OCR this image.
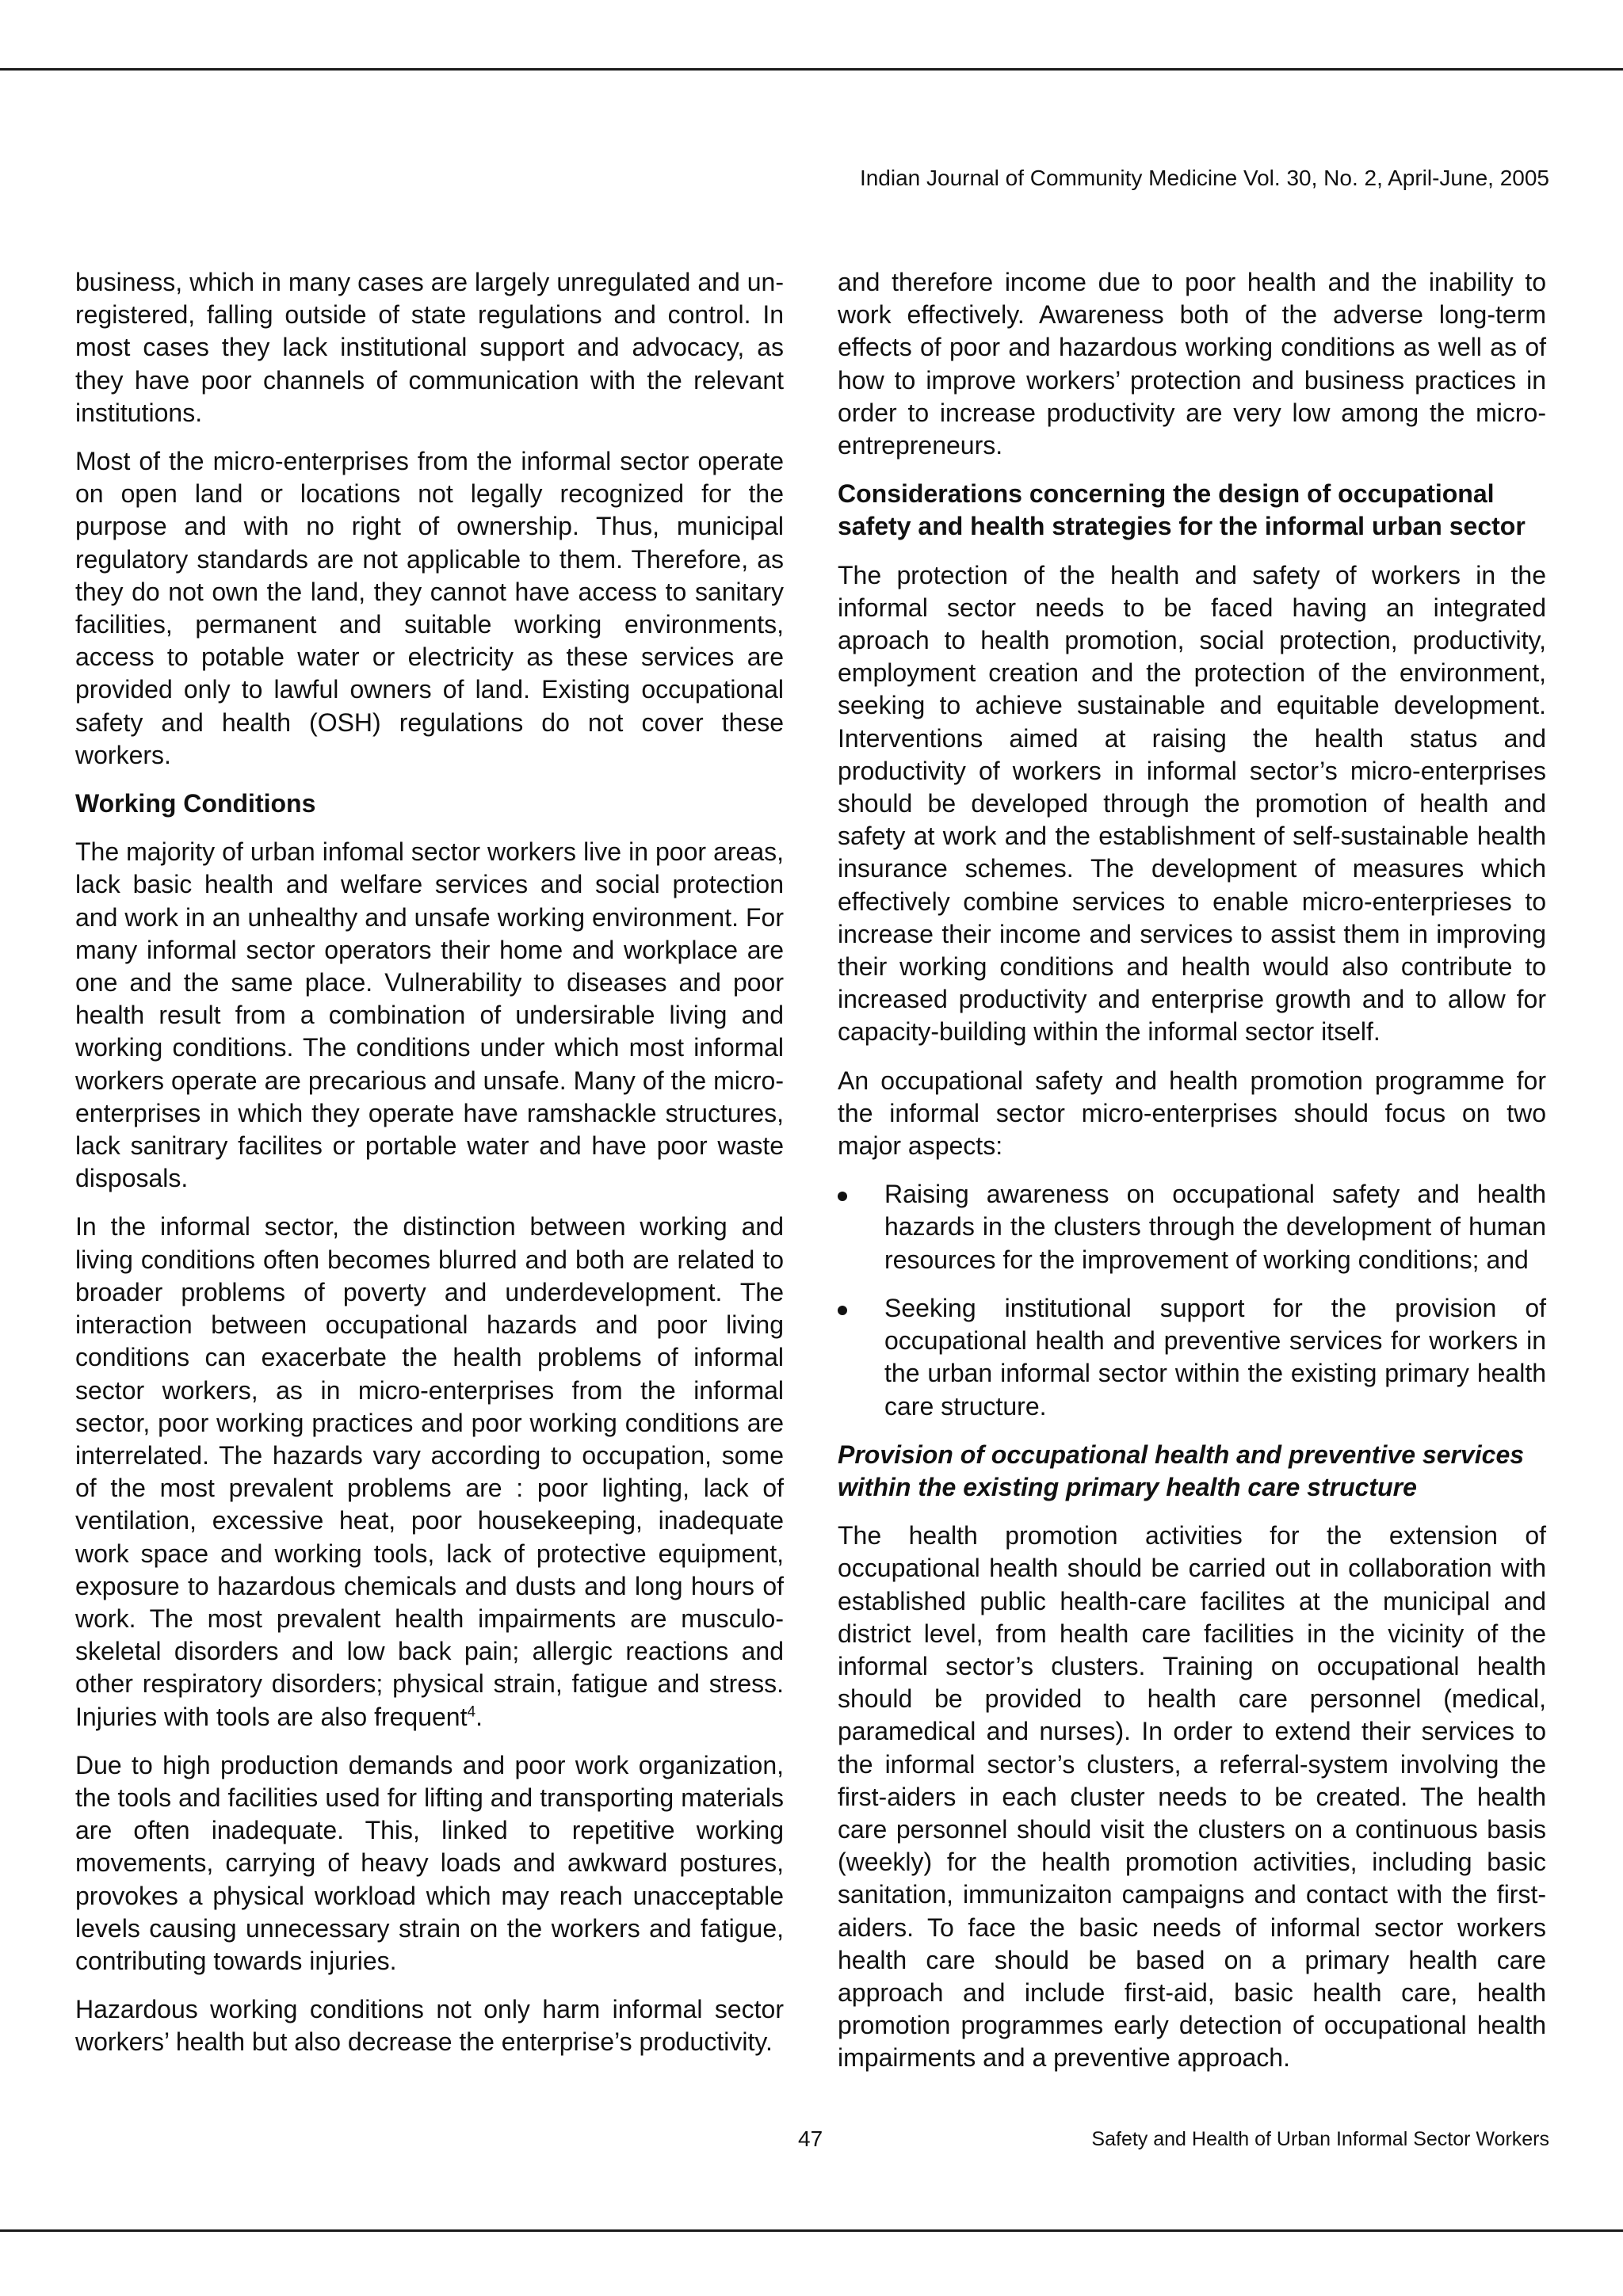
Indian Journal of Community Medicine Vol. 30, No. 2, April-June, 2005

business, which in many cases are largely unregulated and un-registered, falling outside of state regulations and control. In most cases they lack institutional support and advocacy, as they have poor channels of communication with the relevant institutions.

Most of the micro-enterprises from the informal sector operate on open land or locations not legally recognized for the purpose and with no right of ownership. Thus, municipal regulatory standards are not applicable to them. Therefore, as they do not own the land, they cannot have access to sanitary facilities, permanent and suitable working environments, access to potable water or electricity as these services are provided only to lawful owners of land. Existing occupational safety and health (OSH) regulations do not cover these workers.

Working Conditions

The majority of urban infomal sector workers live in poor areas, lack basic health and welfare services and social protection and work in an unhealthy and unsafe working environment. For many informal sector operators their home and workplace are one and the same place. Vulnerability to diseases and poor health result from a combination of undersirable living and working conditions. The conditions under which most informal workers operate are precarious and unsafe. Many of the micro-enterprises in which they operate have ramshackle structures, lack sanitrary facilites or portable water and have poor waste disposals.

In the informal sector, the distinction between working and living conditions often becomes blurred and both are related to broader problems of poverty and underdevelopment. The interaction between occupational hazards and poor living conditions can exacerbate the health problems of informal sector workers, as in micro-enterprises from the informal sector, poor working practices and poor working conditions are interrelated. The hazards vary according to occupation, some of the most prevalent problems are : poor lighting, lack of ventilation, excessive heat, poor housekeeping, inadequate work space and working tools, lack of protective equipment, exposure to hazardous chemicals and dusts and long hours of work. The most prevalent health impairments are musculo-skeletal disorders and low back pain; allergic reactions and other respiratory disorders; physical strain, fatigue and stress. Injuries with tools are also frequent$^4$.

Due to high production demands and poor work organization, the tools and facilities used for lifting and transporting materials are often inadequate. This, linked to repetitive working movements, carrying of heavy loads and awkward postures, provokes a physical workload which may reach unacceptable levels causing unnecessary strain on the workers and fatigue, contributing towards injuries.

Hazardous working conditions not only harm informal sector workers’ health but also decrease the enterprise’s productivity.

and therefore income due to poor health and the inability to work effectively. Awareness both of the adverse long-term effects of poor and hazardous working conditions as well as of how to improve workers’ protection and business practices in order to increase productivity are very low among the micro-entrepreneurs.

Considerations concerning the design of occupational safety and health strategies for the informal urban sector

The protection of the health and safety of workers in the informal sector needs to be faced having an integrated aproach to health promotion, social protection, productivity, employment creation and the protection of the environment, seeking to achieve sustainable and equitable development. Interventions aimed at raising the health status and productivity of workers in informal sector’s micro-enterprises should be developed through the promotion of health and safety at work and the establishment of self-sustainable health insurance schemes. The development of measures which effectively combine services to enable micro-enterprieses to increase their income and services to assist them in improving their working conditions and health would also contribute to increased productivity and enterprise growth and to allow for capacity-building within the informal sector itself.

An occupational safety and health promotion programme for the informal sector micro-enterprises should focus on two major aspects:

Raising awareness on occupational safety and health hazards in the clusters through the development of human resources for the improvement of working conditions; and
Seeking institutional support for the provision of occupational health and preventive services for workers in the urban informal sector within the existing primary health care structure.
Provision of occupational health and preventive services within the existing primary health care structure

The health promotion activities for the extension of occupational health should be carried out in collaboration with established public health-care facilites at the municipal and district level, from health care facilities in the vicinity of the informal sector’s clusters. Training on occupational health should be provided to health care personnel (medical, paramedical and nurses). In order to extend their services to the informal sector’s clusters, a referral-system involving the first-aiders in each cluster needs to be created. The health care personnel should visit the clusters on a continuous basis (weekly) for the health promotion activities, including basic sanitation, immunizaiton campaigns and contact with the first-aiders. To face the basic needs of informal sector workers health care should be based on a primary health care approach and include first-aid, basic health care, health promotion programmes early detection of occupational health impairments and a preventive approach.

47	Safety and Health of Urban Informal Sector Workers
